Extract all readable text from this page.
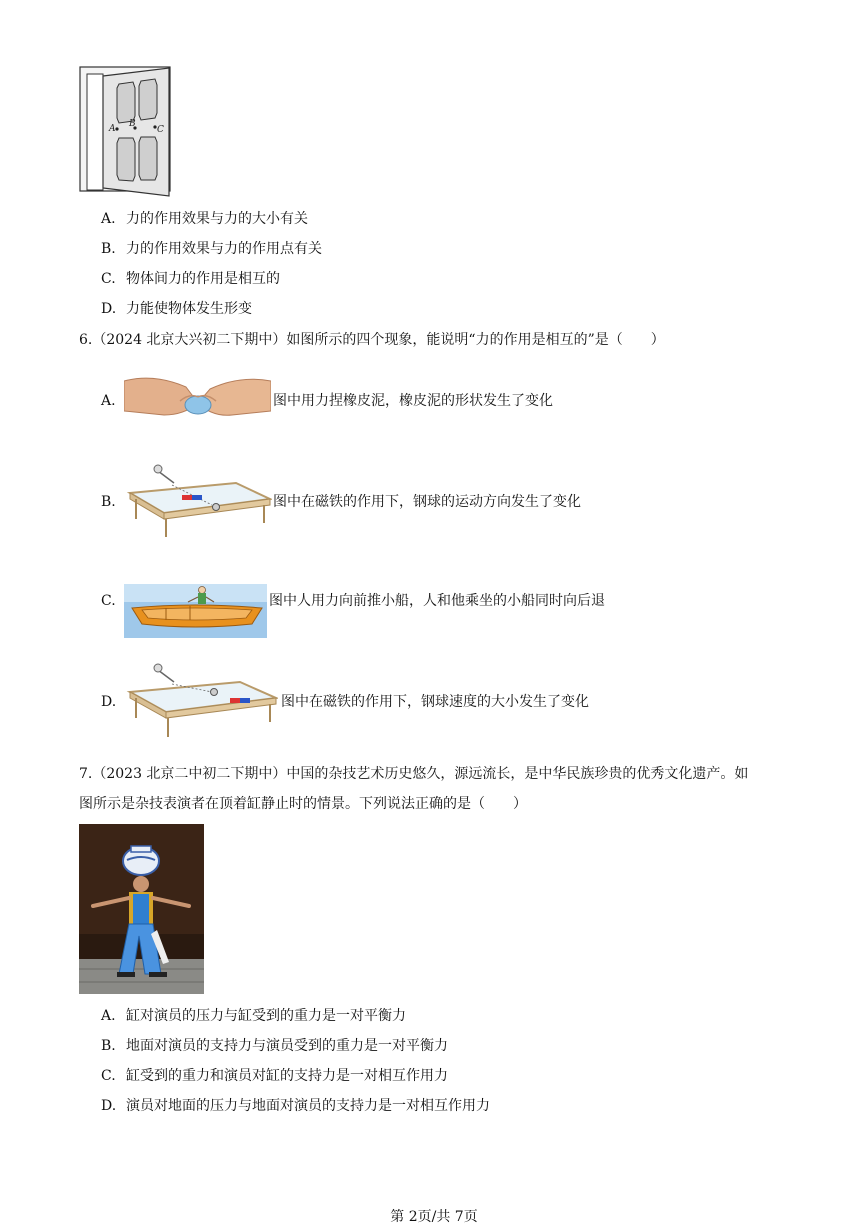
A B
C
A. 力的作用效果与力的大小有关
B. 力的作用效果与力的作用点有关
C. 物体间力的作用是相互的
D. 力能使物体发生形变
6.（2024 北京大兴初二下期中）如图所示的四个现象，能说明“力的作用是相互的”是（　　）
A.	图中用力捏橡皮泥，橡皮泥的形状发生了变化
B.	图中在磁铁的作用下，钢球的运动方向发生了变化
C.	图中人用力向前推小船，人和他乘坐的小船同时向后退
D.	图中在磁铁的作用下，钢球速度的大小发生了变化
7.（2023 北京二中初二下期中）中国的杂技艺术历史悠久，源远流长，是中华民族珍贵的优秀文化遗产。如
图所示是杂技表演者在顶着缸静止时的情景。下列说法正确的是（　　）
A. 缸对演员的压力与缸受到的重力是一对平衡力
B. 地面对演员的支持力与演员受到的重力是一对平衡力
C. 缸受到的重力和演员对缸的支持力是一对相互作用力
D. 演员对地面的压力与地面对演员的支持力是一对相互作用力
第 2页/共 7页
